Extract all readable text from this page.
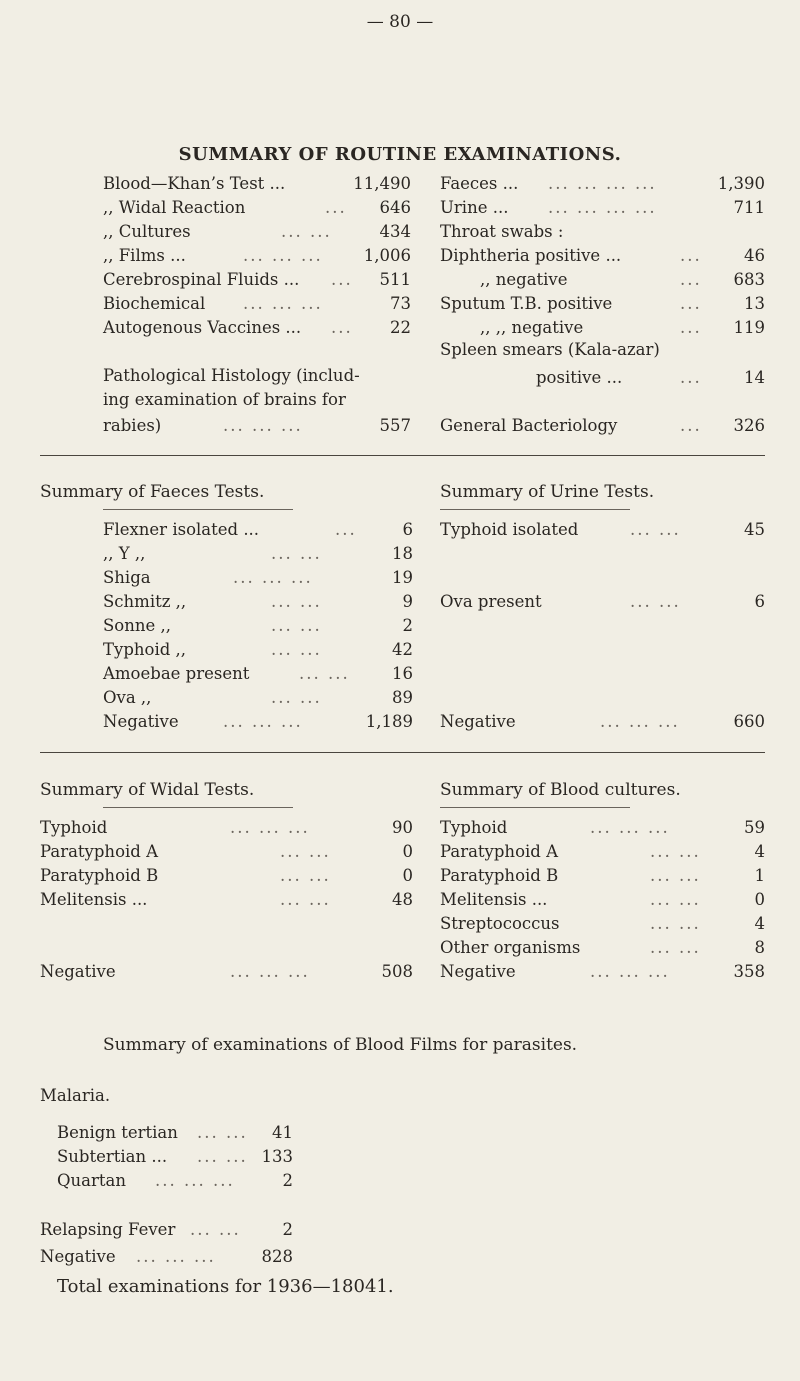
— 80 —
SUMMARY OF ROUTINE EXAMINATIONS.
Blood—Khan’s Test ...	11,490
,, Widal Reaction	... 646
,, Cultures	... ...	434
,, Films ...	... ... ... 1,006
Cerebrospinal Fluids ... ... 511
Biochemical ... ... ...	73
Autogenous Vaccines ... ... 22
Pathological Histology (includ-
ing examination of brains for
rabies)	... ... ...	557
Faeces ... ... ... ... ...	1,390
Urine ... ... ... ... ...	711
Throat swabs :
Diphtheria positive ...	...	46
,, negative	... 683
Sputum T.B. positive	...	13
,, ,, negative	... 119
Spleen smears (Kala-azar)
positive ...	...	14
General Bacteriology	... 326
Summary of Faeces Tests.
Flexner isolated ...	...	6
,, Y ,,	... ...	18
Shiga	... ... ...	19
Schmitz ,,	... ...	9
Sonne ,,	... ...	2
Typhoid ,,	... ...	42
Amoebae present	... ...	16
Ova ,,	... ...	89
Negative	... ... ...	1,189
Summary of Urine Tests.
Typhoid isolated	... ...	45
Ova present	... ...	6
Negative	... ... ...	660
Summary of Widal Tests.
Typhoid	... ... ...	90
Paratyphoid A	... ...	0
Paratyphoid B	... ...	0
Melitensis ...	... ...	48
Negative	... ... ...	508
Summary of Blood cultures.
Typhoid	... ... ...	59
Paratyphoid A	... ...	4
Paratyphoid B	... ...	1
Melitensis ...	... ...	0
Streptococcus	... ...	4
Other organisms	... ...	8
Negative	... ... ...	358
Summary of examinations of Blood Films for parasites.
Malaria.
Benign tertian ... ... 41
Subtertian ... ... ... 133
Quartan ... ... ...	2
Relapsing Fever ... ...	2
Negative ... ... ...	828
Total examinations for 1936—18041.
